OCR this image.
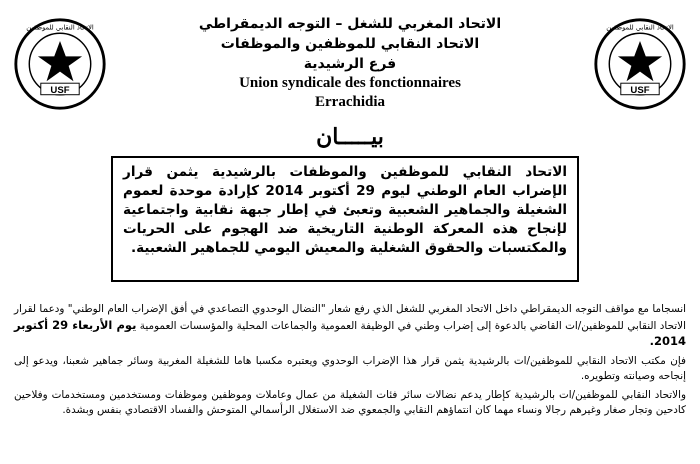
USF
الاتحاد النقابي للموظفين
USF
الاتحاد النقابي للموظفين
الاتحاد المغربي للشغل – التوجه الديمقراطي
الاتحاد النقابي للموظفين والموظفات
فرع الرشيدية
Union syndicale des fonctionnaires
Errachidia
بيـــــان
الاتحاد النقابي للموظفين والموظفات بالرشيدية يثمن قرار الإضراب العام الوطني ليوم 29 أكتوبر 2014 كإرادة موحدة لعموم الشغيلة والجماهير الشعبية وتعبئ في إطار جبهة نقابية واجتماعية لإنجاح هذه المعركة الوطنية التاريخية ضد الهجوم على الحريات والمكتسبات والحقوق الشغلية والمعيش اليومي للجماهير الشعبية.

انسجاما مع مواقف التوجه الديمقراطي داخل الاتحاد المغربي للشغل الذي رفع شعار "النضال الوحدوي التصاعدي في أفق الإضراب العام الوطني" ودعما لقرار الاتحاد النقابي للموظفين/ات القاضي بالدعوة إلى إضراب وطني في الوظيفة العمومية والجماعات المحلية والمؤسسات العمومية يوم الأربعاء 29 أكتوبر 2014.

فإن مكتب الاتحاد النقابي للموظفين/ات بالرشيدية يثمن قرار هذا الإضراب الوحدوي ويعتبره مكسبا هاما للشغيلة المغربية وسائر جماهير شعبنا، ويدعو إلى إنجاحه وصيانته وتطويره.

والاتحاد النقابي للموظفين/ات بالرشيدية كإطار يدعم نضالات سائر فئات الشغيلة من عمال وعاملات وموظفين وموظفات ومستخدمين ومستخدمات وفلاحين كادحين وتجار صغار وغيرهم رجالا ونساء مهما كان انتماؤهم النقابي والجمعوي ضد الاستغلال الرأسمالي المتوحش والفساد الاقتصادي بنفس وبشدة.
